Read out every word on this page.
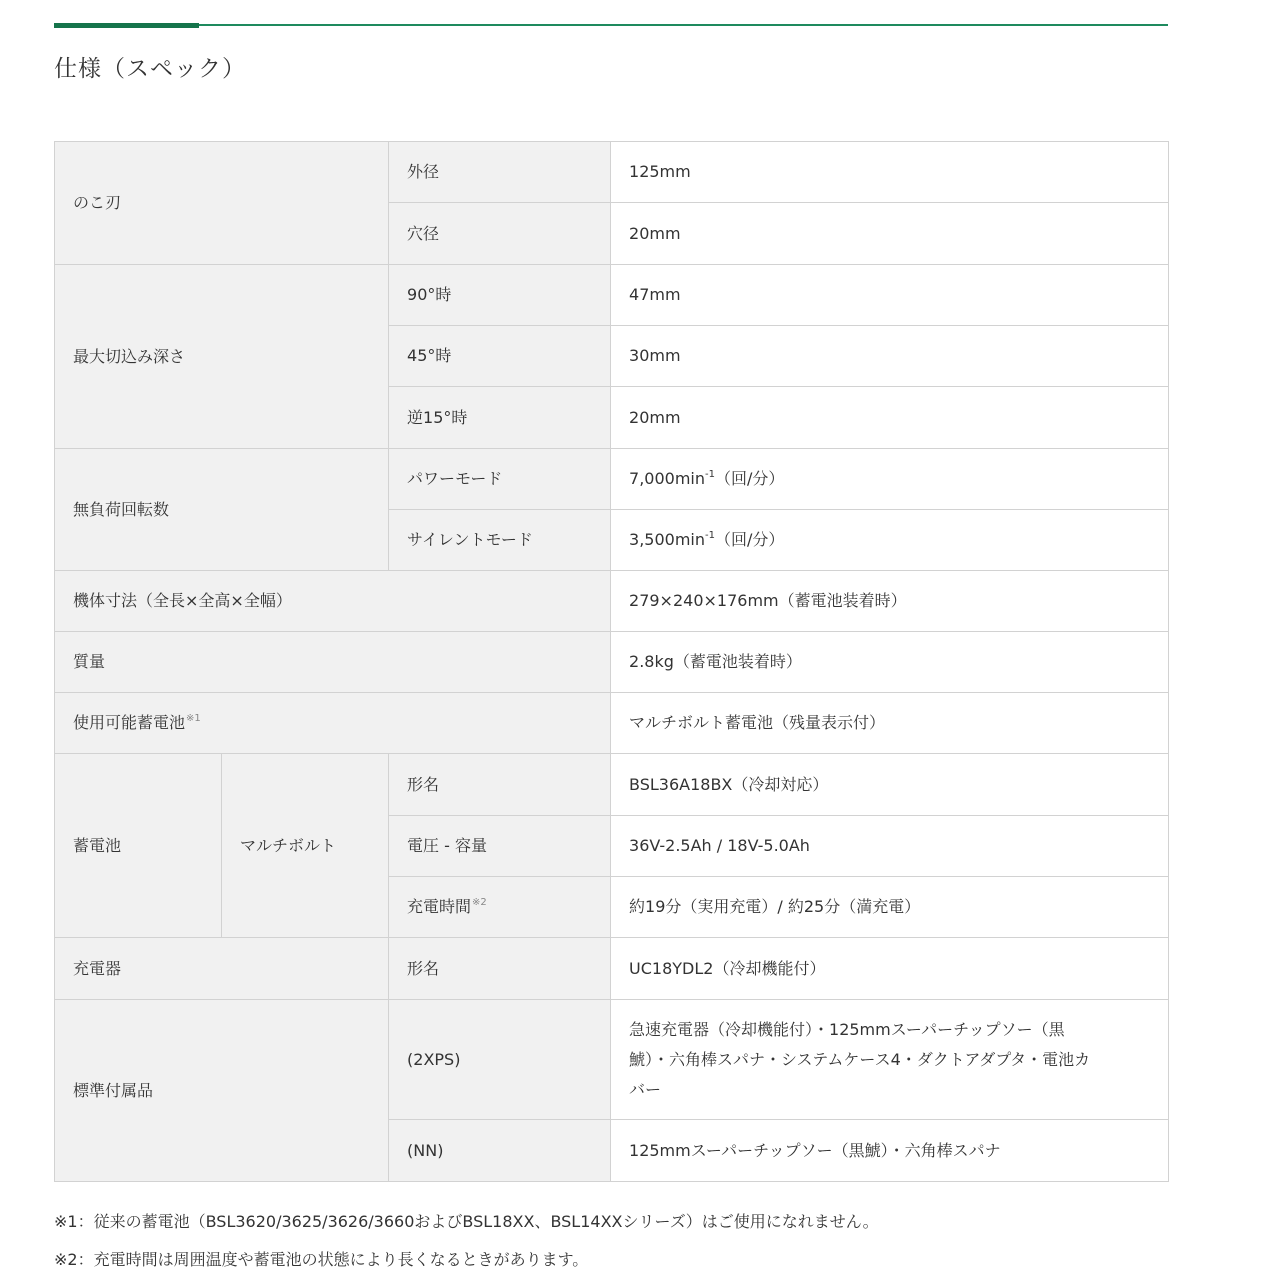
仕様（スペック）
のこ刃		外径	125mm
		穴径	20mm
最大切込み深さ		90°時	47mm
		45°時	30mm
		逆15°時	20mm
無負荷回転数		パワーモード	$7,000\min^{-1}$（回/分）
		サイレントモード	$3,500\min^{-1}$（回/分）
機体寸法（全長×全高×全幅）			279×240×176mm（蓄電池装着時）
質量			2.8kg（蓄電池装着時）
使用可能蓄電池$^{※1}$			マルチボルト蓄電池（残量表示付）
蓄電池	マルチボルト	形名	BSL36A18BX（冷却対応）
		電圧 - 容量	36V-2.5Ah / 18V-5.0Ah
		充電時間$^{※2}$	約19分（実用充電）/ 約25分（満充電）
充電器		形名	UC18YDL2（冷却機能付）
標準付属品		(2XPS)	急速充電器（冷却機能付）・125mmスーパーチップソー（黒
鯱）・六角棒スパナ・システムケース4・ダクトアダプタ・電池カ
バー

		(NN)	125mmスーパーチップソー（黒鯱）・六角棒スパナ

※1：従来の蓄電池（BSL3620/3625/3626/3660およびBSL18XX、BSL14XXシリーズ）はご使用になれません。

※2：充電時間は周囲温度や蓄電池の状態により長くなるときがあります。
